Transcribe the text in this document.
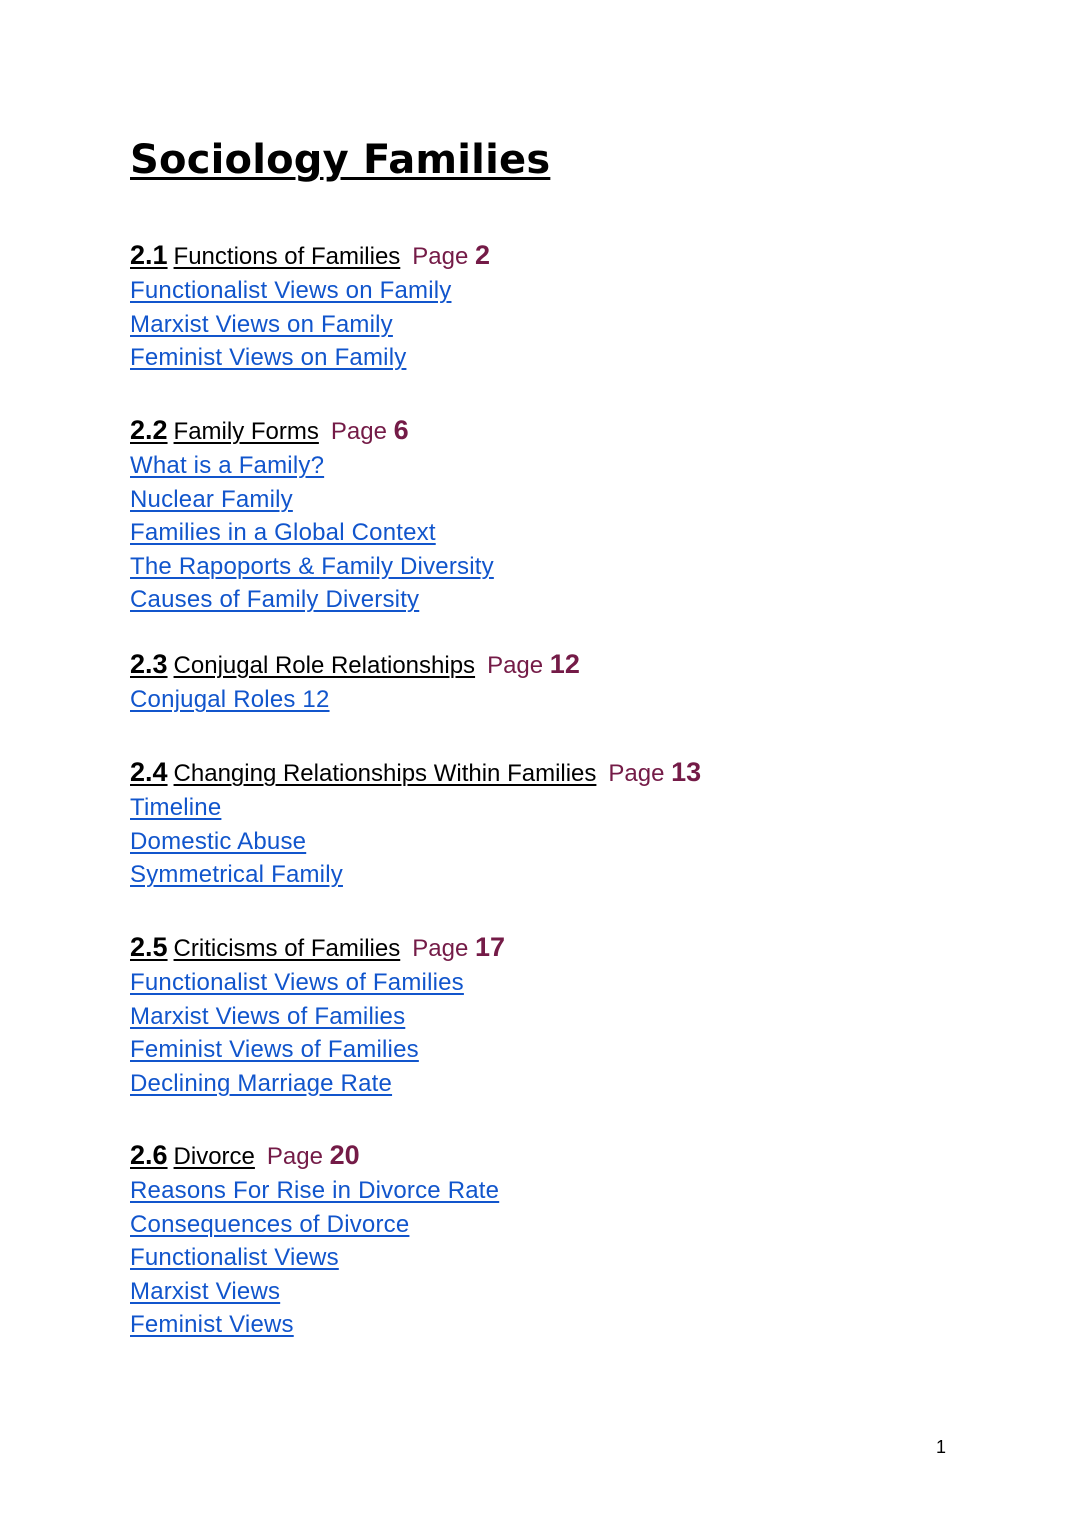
Sociology Families
2.1 Functions of Families Page 2
Functionalist Views on Family
Marxist Views on Family
Feminist Views on Family
2.2 Family Forms Page 6
What is a Family?
Nuclear Family
Families in a Global Context
The Rapoports & Family Diversity
Causes of Family Diversity
2.3 Conjugal Role Relationships Page 12
Conjugal Roles 12
2.4 Changing Relationships Within Families Page 13
Timeline
Domestic Abuse
Symmetrical Family
2.5 Criticisms of Families Page 17
Functionalist Views of Families
Marxist Views of Families
Feminist Views of Families
Declining Marriage Rate
2.6 Divorce Page 20
Reasons For Rise in Divorce Rate
Consequences of Divorce
Functionalist Views
Marxist Views
Feminist Views
1
